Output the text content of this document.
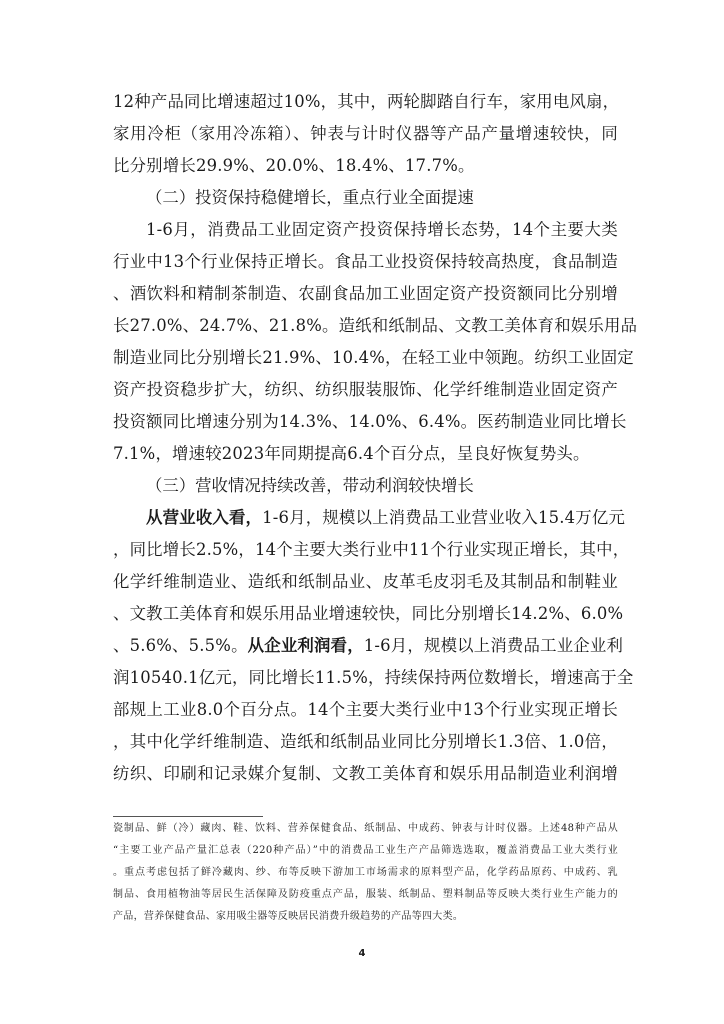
12种产品同比增速超过10%，其中，两轮脚踏自行车，家用电风扇，
家用冷柜（家用冷冻箱）、钟表与计时仪器等产品产量增速较快，同
比分别增长29.9%、20.0%、18.4%、17.7%。
（二）投资保持稳健增长，重点行业全面提速
1-6月，消费品工业固定资产投资保持增长态势，14个主要大类
行业中13个行业保持正增长。食品工业投资保持较高热度，食品制造
、酒饮料和精制茶制造、农副食品加工业固定资产投资额同比分别增
长27.0%、24.7%、21.8%。造纸和纸制品、文教工美体育和娱乐用品
制造业同比分别增长21.9%、10.4%，在轻工业中领跑。纺织工业固定
资产投资稳步扩大，纺织、纺织服装服饰、化学纤维制造业固定资产
投资额同比增速分别为14.3%、14.0%、6.4%。医药制造业同比增长
7.1%，增速较2023年同期提高6.4个百分点，呈良好恢复势头。
（三）营收情况持续改善，带动利润较快增长
从营业收入看，1-6月，规模以上消费品工业营业收入15.4万亿元
，同比增长2.5%，14个主要大类行业中11个行业实现正增长，其中，
化学纤维制造业、造纸和纸制品业、皮革毛皮羽毛及其制品和制鞋业
、文教工美体育和娱乐用品业增速较快，同比分别增长14.2%、6.0%
、5.6%、5.5%。从企业利润看，1-6月，规模以上消费品工业企业利
润10540.1亿元，同比增长11.5%，持续保持两位数增长，增速高于全
部规上工业8.0个百分点。14个主要大类行业中13个行业实现正增长
，其中化学纤维制造、造纸和纸制品业同比分别增长1.3倍、1.0倍，
纺织、印刷和记录媒介复制、文教工美体育和娱乐用品制造业利润增
瓷制品、鲜（冷）藏肉、鞋、饮料、营养保健食品、纸制品、中成药、钟表与计时仪器。上述48种产品从
“主要工业产品产量汇总表（220种产品）”中的消费品工业生产产品筛选选取，覆盖消费品工业大类行业
。重点考虑包括了鲜冷藏肉、纱、布等反映下游加工市场需求的原料型产品，化学药品原药、中成药、乳
制品、食用植物油等居民生活保障及防疫重点产品，服装、纸制品、塑料制品等反映大类行业生产能力的
产品，营养保健食品、家用吸尘器等反映居民消费升级趋势的产品等四大类。
4
